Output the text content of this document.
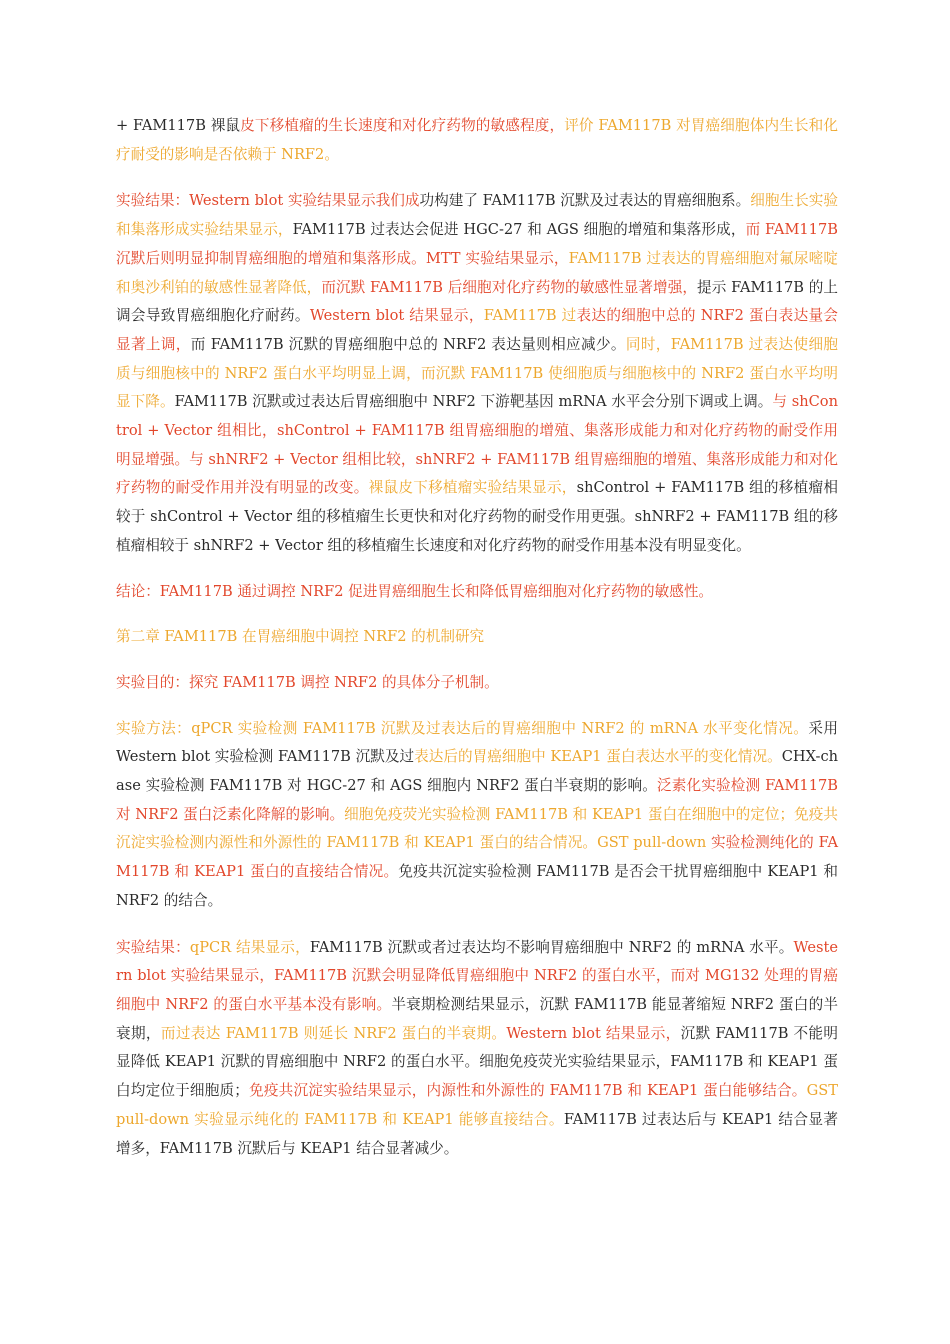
+ FAM117B 裸鼠皮下移植瘤的生长速度和对化疗药物的敏感程度，评价 FAM117B 对胃癌细胞体内生长和化疗耐受的影响是否依赖于 NRF2。

实验结果：Western blot 实验结果显示我们成功构建了 FAM117B 沉默及过表达的胃癌细胞系。细胞生长实验和集落形成实验结果显示，FAM117B 过表达会促进 HGC-27 和 AGS 细胞的增殖和集落形成，而 FAM117B 沉默后则明显抑制胃癌细胞的增殖和集落形成。MTT 实验结果显示，FAM117B 过表达的胃癌细胞对氟尿嘧啶和奥沙利铂的敏感性显著降低，而沉默 FAM117B 后细胞对化疗药物的敏感性显著增强，提示 FAM117B 的上调会导致胃癌细胞化疗耐药。Western blot 结果显示，FAM117B 过表达的细胞中总的 NRF2 蛋白表达量会显著上调，而 FAM117B 沉默的胃癌细胞中总的 NRF2 表达量则相应减少。同时，FAM117B 过表达使细胞质与细胞核中的 NRF2 蛋白水平均明显上调，而沉默 FAM117B 使细胞质与细胞核中的 NRF2 蛋白水平均明显下降。FAM117B 沉默或过表达后胃癌细胞中 NRF2 下游靶基因 mRNA 水平会分别下调或上调。与 shControl + Vector 组相比，shControl + FAM117B 组胃癌细胞的增殖、集落形成能力和对化疗药物的耐受作用明显增强。与 shNRF2 + Vector 组相比较，shNRF2 + FAM117B 组胃癌细胞的增殖、集落形成能力和对化疗药物的耐受作用并没有明显的改变。裸鼠皮下移植瘤实验结果显示，shControl + FAM117B 组的移植瘤相较于 shControl + Vector 组的移植瘤生长更快和对化疗药物的耐受作用更强。shNRF2 + FAM117B 组的移植瘤相较于 shNRF2 + Vector 组的移植瘤生长速度和对化疗药物的耐受作用基本没有明显变化。

结论：FAM117B 通过调控 NRF2 促进胃癌细胞生长和降低胃癌细胞对化疗药物的敏感性。

第二章 FAM117B 在胃癌细胞中调控 NRF2 的机制研究

实验目的：探究 FAM117B 调控 NRF2 的具体分子机制。

实验方法：qPCR 实验检测 FAM117B 沉默及过表达后的胃癌细胞中 NRF2 的 mRNA 水平变化情况。采用 Western blot 实验检测 FAM117B 沉默及过表达后的胃癌细胞中 KEAP1 蛋白表达水平的变化情况。CHX-chase 实验检测 FAM117B 对 HGC-27 和 AGS 细胞内 NRF2 蛋白半衰期的影响。泛素化实验检测 FAM117B 对 NRF2 蛋白泛素化降解的影响。细胞免疫荧光实验检测 FAM117B 和 KEAP1 蛋白在细胞中的定位；免疫共沉淀实验检测内源性和外源性的 FAM117B 和 KEAP1 蛋白的结合情况。GST pull-down 实验检测纯化的 FAM117B 和 KEAP1 蛋白的直接结合情况。免疫共沉淀实验检测 FAM117B 是否会干扰胃癌细胞中 KEAP1 和 NRF2 的结合。

实验结果：qPCR 结果显示，FAM117B 沉默或者过表达均不影响胃癌细胞中 NRF2 的 mRNA 水平。Western blot 实验结果显示，FAM117B 沉默会明显降低胃癌细胞中 NRF2 的蛋白水平，而对 MG132 处理的胃癌细胞中 NRF2 的蛋白水平基本没有影响。半衰期检测结果显示，沉默 FAM117B 能显著缩短 NRF2 蛋白的半衰期，而过表达 FAM117B 则延长 NRF2 蛋白的半衰期。Western blot 结果显示，沉默 FAM117B 不能明显降低 KEAP1 沉默的胃癌细胞中 NRF2 的蛋白水平。细胞免疫荧光实验结果显示，FAM117B 和 KEAP1 蛋白均定位于细胞质；免疫共沉淀实验结果显示，内源性和外源性的 FAM117B 和 KEAP1 蛋白能够结合。GST pull-down 实验显示纯化的 FAM117B 和 KEAP1 能够直接结合。FAM117B 过表达后与 KEAP1 结合显著增多，FAM117B 沉默后与 KEAP1 结合显著减少。
